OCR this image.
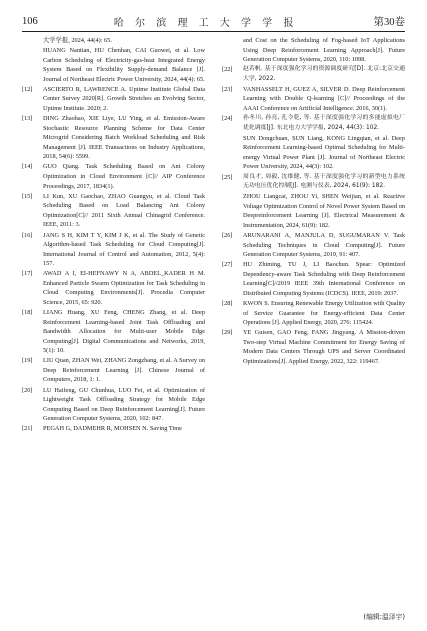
106	哈 尔 滨 理 工 大 学 学 报	第30卷
大学学报, 2024, 44(4): 65.
HUANG Nantian, HU Chenhan, CAI Guowei, et al. Low Carbon Scheduling of Electricity-gas-heat Integrated Energy System Based on Flexibility Supply-demand Balance [J]. Journal of Northeast Electric Power University, 2024, 44(4): 65.
[12]	ASCIERTO R, LAWRENCE A. Uptime Institute Global Data Center Survey 2020[R]. Growth Stretches an Evolving Sector, Uptime Institute. 2020; 2.
[13]	DING Zhaohao, XIE Liye, LU Ying, et al. Emission-Aware Stochastic Resource Planning Scheme for Data Center Microgrid Considering Batch Workload Scheduling and Risk Management [J]. IEEE Transactions on Industry Applications, 2018, 54(6): 5599.
[14]	GUO Qiang. Task Scheduling Based on Ant Colony Optimization in Cloud Environment [C]// AIP Conference Proceedings, 2017, 1834(1).
[15]	LI Kun, XU Gaochao, ZHAO Guangyu, et al. Cloud Task Scheduling Based on Load Balancing Ant Colony Optimization[C]// 2011 Sixth Annual Chinagrid Conference. IEEE, 2011: 3.
[16]	JANG S H, KIM T Y, KIM J K, et al. The Study of Genetic Algorithm-based Task Scheduling for Cloud Computing[J]. International Journal of Control and Automation, 2012, 5(4): 157.
[17]	AWAD A I, EI-HEFNAWY N A, ABDEL_KADER H M. Enhanced Particle Swarm Optimization for Task Scheduling in Cloud Computing Environments[J]. Procedia Computer Science, 2015, 65: 920.
[18]	LIANG Huang, XU Feng, CHENG Zhang, et al. Deep Reinforcement Learning-based Joint Task Offloading and Bandwidth Allocation for Multi-user Mobile Edge Computing[J]. Digital Communications and Networks, 2019, 5(1): 10.
[19]	LIU Quan, ZHAN Wei, ZHANG Zongzhang, et al. A Survey on Deep Reinforcement Learning [J]. Chinese Journal of Computers, 2018, 1: 1.
[20]	LU Haifeng, GU Chunhua, LUO Fei, et al. Optimization of Lightweight Task Offloading Strategy for Mobile Edge Computing Based on Deep Reinforcement Learning[J]. Future Generation Computer Systems, 2020, 102: 847.
[21]	PEGAH G, DADMEHR R, MOHSEN N. Saving Time
and Cost on the Scheduling of Fog-based IoT Applications Using Deep Reinforcement Learning Approach[J]. Future Generation Computer Systems, 2020, 110: 1098.
[22]	赵若帆. 基于深度强化学习的资源调度研究[D]. 北京:北京交通大学, 2022.
[23]	VANHASSELT H, GUEZ A, SILVER D. Deep Reinforcement Learning with Double Q-learning [C]// Proceedings of the AAAI Conference on Artificial Intelligence. 2016, 30(1).
[24]	孙冬川, 孙亮, 孔令乾, 等. 基于深度强化学习的多能虚拟电厂优化调度[J]. 东北电力大学学报, 2024, 44(3): 102.
SUN Dongchuan, SUN Liang, KONG Lingqian, et al. Deep Reinforcement Learning-based Optimal Scheduling for Multi-energy Virtual Power Plant [J]. Journal of Northeast Electric Power University, 2024, 44(3): 102.
[25]	周良才, 周毅, 沈维健, 等. 基于深度强化学习的新型电力系统无功电压优化控制[J]. 电测与仪表, 2024, 61(9): 182.
ZHOU Liangcai, ZHOU Yi, SHEN Weijian, et al. Reactive Voltage Optimization Control of Novel Power System Based on Deepreinforcement Learning [J]. Electrical Measurement & Instrumentation, 2024, 61(9): 182.
[26]	ARUNARANI A, MANJULA D, SUGUMARAN V. Task Scheduling Techniques in Cloud Computing[J]. Future Generation Computer Systems, 2019, 91: 407.
[27]	HU Zhiming, TU J, LI Baochun. Spear: Optimized Dependency-aware Task Scheduling with Deep Reinforcement Learning[C]//2019 IEEE 39th International Conference on Distributed Computing Systems (ICDCS). IEEE, 2019: 2037.
[28]	KWON S. Ensuring Renewable Energy Utilization with Quality of Service Guarantee for Energy-efficient Data Center Operations [J]. Applied Energy, 2020, 276: 115424.
[29]	YE Guisen, GAO Feng, FANG Jingyang. A Mission-driven Two-step Virtual Machine Commitment for Energy Saving of Modern Data Centers Through UPS and Server Coordinated Optimizations[J]. Applied Energy, 2022, 322: 119467.
(编辑:温泽宇)
